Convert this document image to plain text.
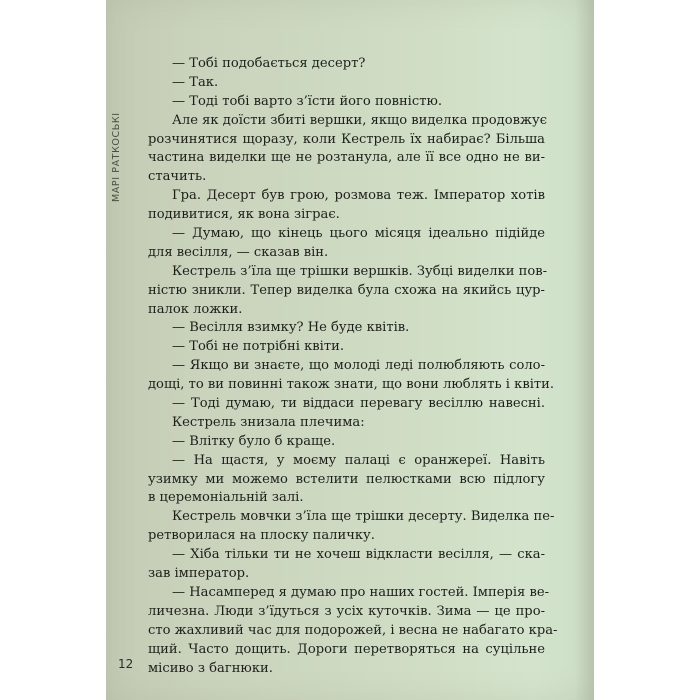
МАРІ РАТКОСЬКІ
— Тобі подобається десерт?
— Так.
— Тоді тобі варто з’їсти його повністю.
Але як доїсти збиті вершки, якщо виделка продовжує
розчинятися щоразу, коли Кестрель їх набирає? Більша
частина виделки ще не розтанула, але її все одно не ви-
стачить.
Гра. Десерт був грою, розмова теж. Імператор хотів
подивитися, як вона зіграє.
— Думаю, що кінець цього місяця ідеально підійде
для весілля, — сказав він.
Кестрель з’їла ще трішки вершків. Зубці виделки пов-
ністю зникли. Тепер виделка була схожа на якийсь цур-
палок ложки.
— Весілля взимку? Не буде квітів.
— Тобі не потрібні квіти.
— Якщо ви знаєте, що молоді леді полюбляють соло-
дощі, то ви повинні також знати, що вони люблять і квіти.
— Тоді думаю, ти віддаси перевагу весіллю навесні.
Кестрель знизала плечима:
— Влітку було б краще.
— На щастя, у моєму палаці є оранжереї. Навіть
узимку ми можемо встелити пелюстками всю підлогу
в церемоніальній залі.
Кестрель мовчки з’їла ще трішки десерту. Виделка пе-
ретворилася на плоску паличку.
— Хіба тільки ти не хочеш відкласти весілля, — ска-
зав імператор.
— Насамперед я думаю про наших гостей. Імперія ве-
личезна. Люди з’їдуться з усіх куточків. Зима — це про-
сто жахливий час для подорожей, і весна не набагато кра-
щий. Часто дощить. Дороги перетворяться на суцільне
місиво з багнюки.
12
